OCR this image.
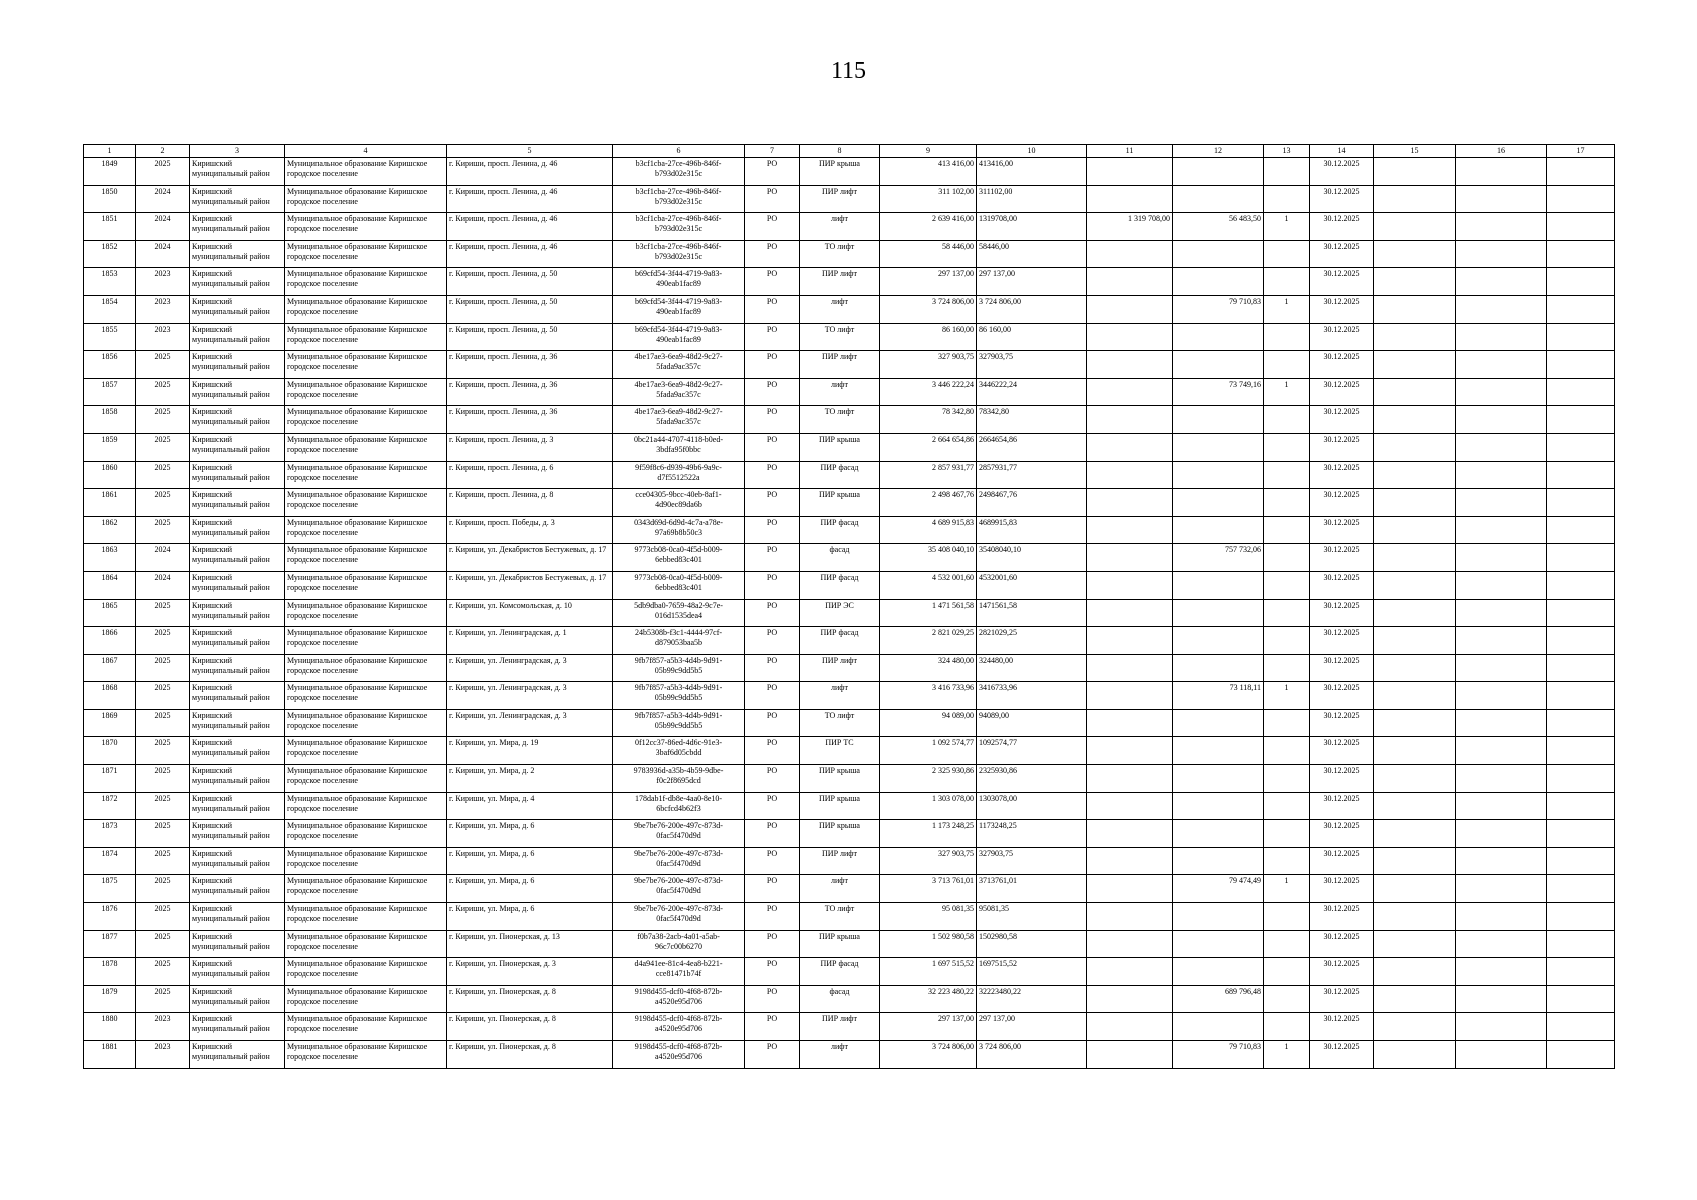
115
1	2	3	4	5	6	7	8	9	10	11	12	13	14	15	16	17
1849	2025	Киришский муниципальный район	Муниципальное образование Киришское городское поселение	г. Кириши, просп. Ленина, д. 46	b3cf1cba-27ce-496b-846f-b793d02e315c	РО	ПИР крыша	413 416,00	413416,00				30.12.2025			
1850	2024	Киришский муниципальный район	Муниципальное образование Киришское городское поселение	г. Кириши, просп. Ленина, д. 46	b3cf1cba-27ce-496b-846f-b793d02e315c	РО	ПИР лифт	311 102,00	311102,00				30.12.2025			
1851	2024	Киришский муниципальный район	Муниципальное образование Киришское городское поселение	г. Кириши, просп. Ленина, д. 46	b3cf1cba-27ce-496b-846f-b793d02e315c	РО	лифт	2 639 416,00	1319708,00	1 319 708,00	56 483,50	1	30.12.2025			
1852	2024	Киришский муниципальный район	Муниципальное образование Киришское городское поселение	г. Кириши, просп. Ленина, д. 46	b3cf1cba-27ce-496b-846f-b793d02e315c	РО	ТО лифт	58 446,00	58446,00				30.12.2025			
1853	2023	Киришский муниципальный район	Муниципальное образование Киришское городское поселение	г. Кириши, просп. Ленина, д. 50	b69cfd54-3f44-4719-9a83-490eab1fac89	РО	ПИР лифт	297 137,00	297 137,00				30.12.2025			
1854	2023	Киришский муниципальный район	Муниципальное образование Киришское городское поселение	г. Кириши, просп. Ленина, д. 50	b69cfd54-3f44-4719-9a83-490eab1fac89	РО	лифт	3 724 806,00	3 724 806,00		79 710,83	1	30.12.2025			
1855	2023	Киришский муниципальный район	Муниципальное образование Киришское городское поселение	г. Кириши, просп. Ленина, д. 50	b69cfd54-3f44-4719-9a83-490eab1fac89	РО	ТО лифт	86 160,00	86 160,00				30.12.2025			
1856	2025	Киришский муниципальный район	Муниципальное образование Киришское городское поселение	г. Кириши, просп. Ленина, д. 36	4be17ae3-6ea9-48d2-9c27-5fada9ac357c	РО	ПИР лифт	327 903,75	327903,75				30.12.2025			
1857	2025	Киришский муниципальный район	Муниципальное образование Киришское городское поселение	г. Кириши, просп. Ленина, д. 36	4be17ae3-6ea9-48d2-9c27-5fada9ac357c	РО	лифт	3 446 222,24	3446222,24		73 749,16	1	30.12.2025			
1858	2025	Киришский муниципальный район	Муниципальное образование Киришское городское поселение	г. Кириши, просп. Ленина, д. 36	4be17ae3-6ea9-48d2-9c27-5fada9ac357c	РО	ТО лифт	78 342,80	78342,80				30.12.2025			
1859	2025	Киришский муниципальный район	Муниципальное образование Киришское городское поселение	г. Кириши, просп. Ленина, д. 3	0bc21a44-4707-4118-b0ed-3bdfa95f0bbc	РО	ПИР крыша	2 664 654,86	2664654,86				30.12.2025			
1860	2025	Киришский муниципальный район	Муниципальное образование Киришское городское поселение	г. Кириши, просп. Ленина, д. 6	9f59f8c6-d939-49b6-9a9c-d7f5512522a	РО	ПИР фасад	2 857 931,77	2857931,77				30.12.2025			
1861	2025	Киришский муниципальный район	Муниципальное образование Киришское городское поселение	г. Кириши, просп. Ленина, д. 8	cce04305-9bcc-40eb-8af1-4d90ec89da6b	РО	ПИР крыша	2 498 467,76	2498467,76				30.12.2025			
1862	2025	Киришский муниципальный район	Муниципальное образование Киришское городское поселение	г. Кириши, просп. Победы, д. 3	0343d69d-6d9d-4c7a-a78e-97a69b8b50c3	РО	ПИР фасад	4 689 915,83	4689915,83				30.12.2025			
1863	2024	Киришский муниципальный район	Муниципальное образование Киришское городское поселение	г. Кириши, ул. Декабристов Бестужевых, д. 17	9773cb08-0ca0-4f5d-b009-6ebbed83c401	РО	фасад	35 408 040,10	35408040,10		757 732,06		30.12.2025			
1864	2024	Киришский муниципальный район	Муниципальное образование Киришское городское поселение	г. Кириши, ул. Декабристов Бестужевых, д. 17	9773cb08-0ca0-4f5d-b009-6ebbed83c401	РО	ПИР фасад	4 532 001,60	4532001,60				30.12.2025			
1865	2025	Киришский муниципальный район	Муниципальное образование Киришское городское поселение	г. Кириши, ул. Комсомольская, д. 10	5db9dba0-7659-48a2-9c7e-016d1535dea4	РО	ПИР ЭС	1 471 561,58	1471561,58				30.12.2025			
1866	2025	Киришский муниципальный район	Муниципальное образование Киришское городское поселение	г. Кириши, ул. Ленинградская, д. 1	24b5308b-f3c1-4444-97cf-d879053baa5b	РО	ПИР фасад	2 821 029,25	2821029,25				30.12.2025			
1867	2025	Киришский муниципальный район	Муниципальное образование Киришское городское поселение	г. Кириши, ул. Ленинградская, д. 3	9fb7f857-a5b3-4d4b-9d91-05b99c9dd5b5	РО	ПИР лифт	324 480,00	324480,00				30.12.2025			
1868	2025	Киришский муниципальный район	Муниципальное образование Киришское городское поселение	г. Кириши, ул. Ленинградская, д. 3	9fb7f857-a5b3-4d4b-9d91-05b99c9dd5b5	РО	лифт	3 416 733,96	3416733,96		73 118,11	1	30.12.2025			
1869	2025	Киришский муниципальный район	Муниципальное образование Киришское городское поселение	г. Кириши, ул. Ленинградская, д. 3	9fb7f857-a5b3-4d4b-9d91-05b99c9dd5b5	РО	ТО лифт	94 089,00	94089,00				30.12.2025			
1870	2025	Киришский муниципальный район	Муниципальное образование Киришское городское поселение	г. Кириши, ул. Мира, д. 19	0f12cc37-86ed-4d6c-91e3-3baf6d05cbdd	РО	ПИР ТС	1 092 574,77	1092574,77				30.12.2025			
1871	2025	Киришский муниципальный район	Муниципальное образование Киришское городское поселение	г. Кириши, ул. Мира, д. 2	9783936d-a35b-4b59-9dbe-f0c2f8695dcd	РО	ПИР крыша	2 325 930,86	2325930,86				30.12.2025			
1872	2025	Киришский муниципальный район	Муниципальное образование Киришское городское поселение	г. Кириши, ул. Мира, д. 4	178dab1f-db8e-4aa0-8e10-6bcfcd4b62f3	РО	ПИР крыша	1 303 078,00	1303078,00				30.12.2025			
1873	2025	Киришский муниципальный район	Муниципальное образование Киришское городское поселение	г. Кириши, ул. Мира, д. 6	9be7be76-200e-497c-873d-0fac5f470d9d	РО	ПИР крыша	1 173 248,25	1173248,25				30.12.2025			
1874	2025	Киришский муниципальный район	Муниципальное образование Киришское городское поселение	г. Кириши, ул. Мира, д. 6	9be7be76-200e-497c-873d-0fac5f470d9d	РО	ПИР лифт	327 903,75	327903,75				30.12.2025			
1875	2025	Киришский муниципальный район	Муниципальное образование Киришское городское поселение	г. Кириши, ул. Мира, д. 6	9be7be76-200e-497c-873d-0fac5f470d9d	РО	лифт	3 713 761,01	3713761,01		79 474,49	1	30.12.2025			
1876	2025	Киришский муниципальный район	Муниципальное образование Киришское городское поселение	г. Кириши, ул. Мира, д. 6	9be7be76-200e-497c-873d-0fac5f470d9d	РО	ТО лифт	95 081,35	95081,35				30.12.2025			
1877	2025	Киришский муниципальный район	Муниципальное образование Киришское городское поселение	г. Кириши, ул. Пионерская, д. 13	f0b7a38-2acb-4a01-a5ab-96c7c00b6270	РО	ПИР крыша	1 502 980,58	1502980,58				30.12.2025			
1878	2025	Киришский муниципальный район	Муниципальное образование Киришское городское поселение	г. Кириши, ул. Пионерская, д. 3	d4a941ee-81c4-4ea8-b221-cce81471b74f	РО	ПИР фасад	1 697 515,52	1697515,52				30.12.2025			
1879	2025	Киришский муниципальный район	Муниципальное образование Киришское городское поселение	г. Кириши, ул. Пионерская, д. 8	9198d455-dcf0-4f68-872b-a4520e95d706	РО	фасад	32 223 480,22	32223480,22		689 796,48		30.12.2025			
1880	2023	Киришский муниципальный район	Муниципальное образование Киришское городское поселение	г. Кириши, ул. Пионерская, д. 8	9198d455-dcf0-4f68-872b-a4520e95d706	РО	ПИР лифт	297 137,00	297 137,00				30.12.2025			
1881	2023	Киришский муниципальный район	Муниципальное образование Киришское городское поселение	г. Кириши, ул. Пионерская, д. 8	9198d455-dcf0-4f68-872b-a4520e95d706	РО	лифт	3 724 806,00	3 724 806,00		79 710,83	1	30.12.2025			
